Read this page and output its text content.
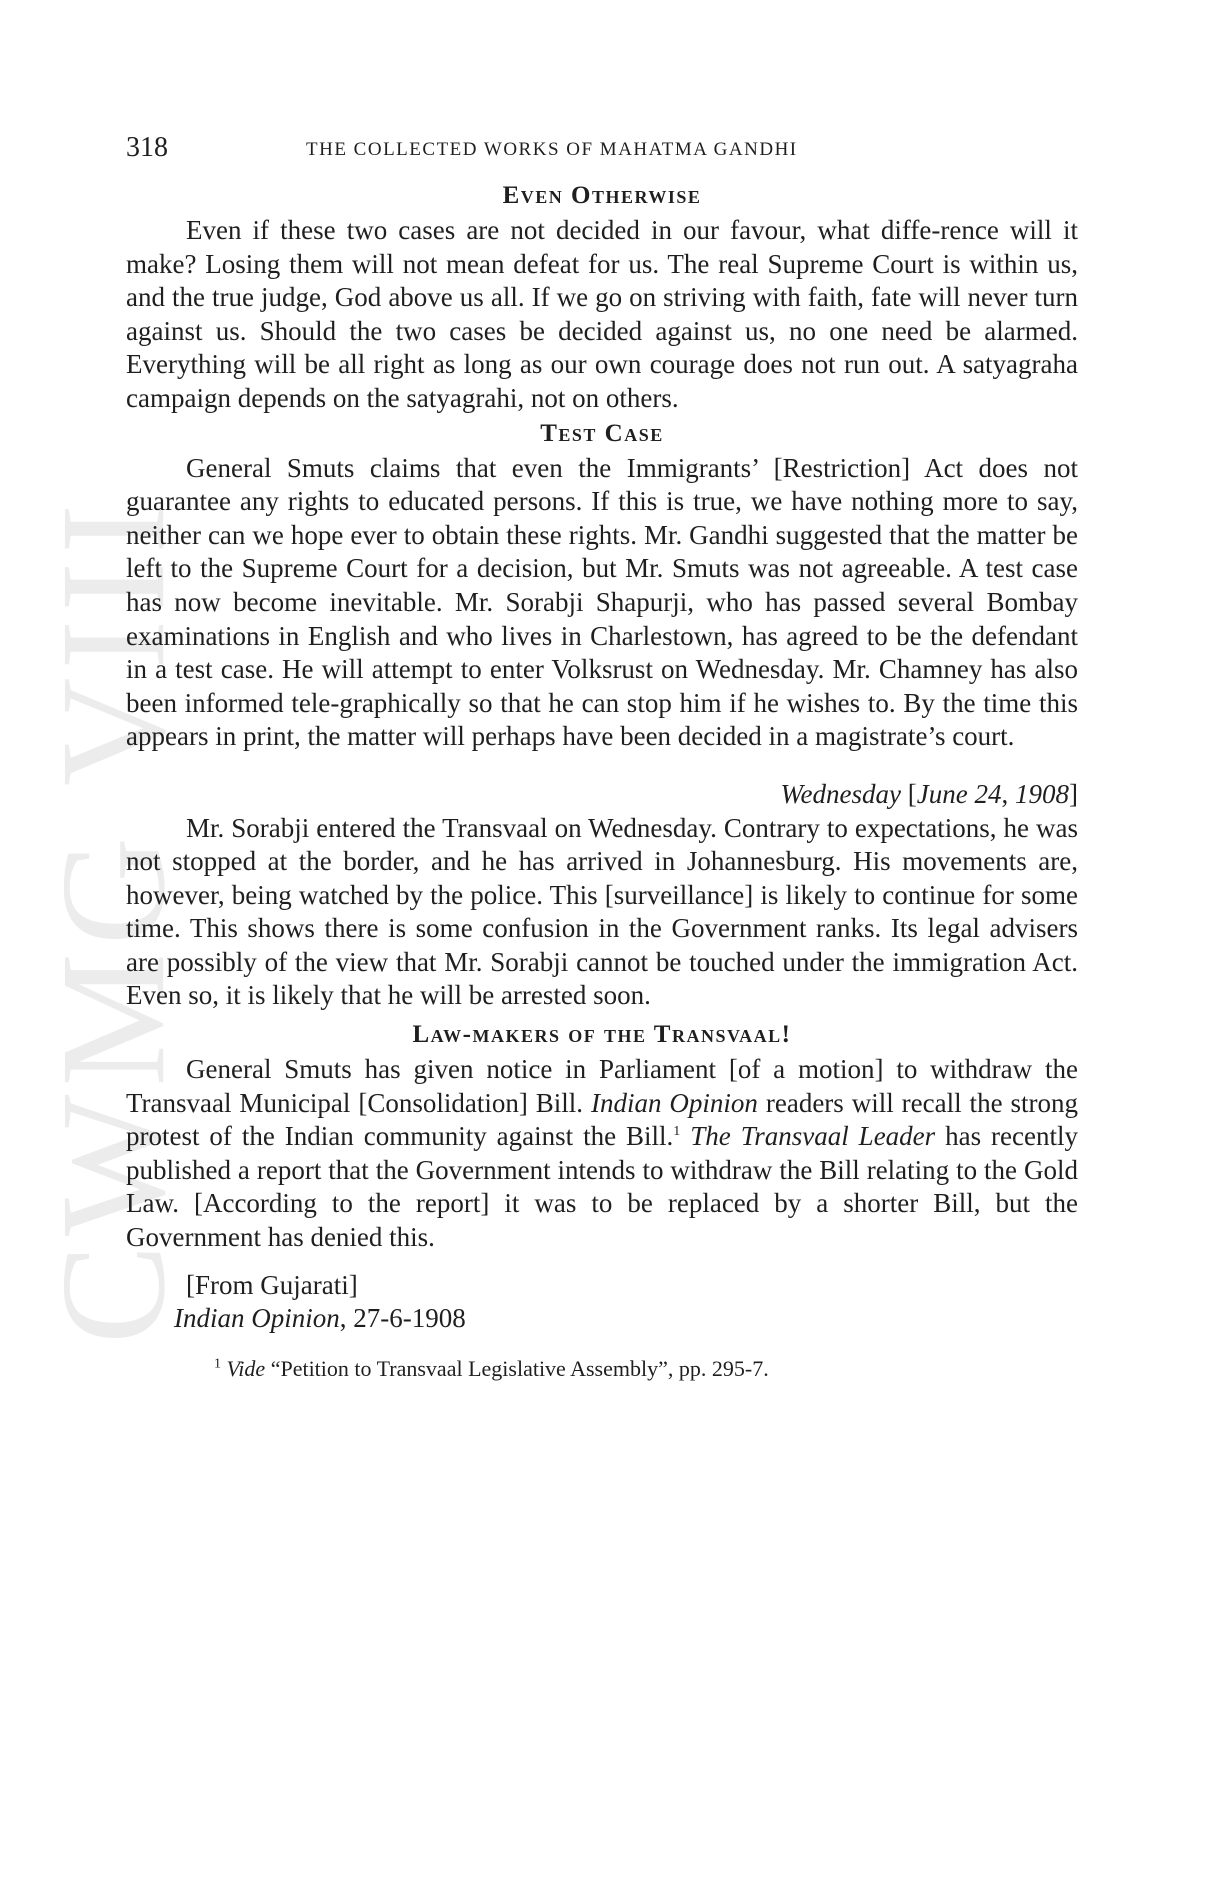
CWMG VIII
318	THE COLLECTED WORKS OF MAHATMA GANDHI
Even Otherwise

Even if these two cases are not decided in our favour, what diffe-rence will it make? Losing them will not mean defeat for us. The real Supreme Court is within us, and the true judge, God above us all. If we go on striving with faith, fate will never turn against us. Should the two cases be decided against us, no one need be alarmed. Everything will be all right as long as our own courage does not run out. A satyagraha campaign depends on the satyagrahi, not on others.

Test Case

General Smuts claims that even the Immigrants’ [Restriction] Act does not guarantee any rights to educated persons. If this is true, we have nothing more to say, neither can we hope ever to obtain these rights. Mr. Gandhi suggested that the matter be left to the Supreme Court for a decision, but Mr. Smuts was not agreeable. A test case has now become inevitable. Mr. Sorabji Shapurji, who has passed several Bombay examinations in English and who lives in Charlestown, has agreed to be the defendant in a test case. He will attempt to enter Volksrust on Wednesday. Mr. Chamney has also been informed tele-graphically so that he can stop him if he wishes to. By the time this appears in print, the matter will perhaps have been decided in a magistrate’s court.

Wednesday [June 24, 1908]

Mr. Sorabji entered the Transvaal on Wednesday. Contrary to expectations, he was not stopped at the border, and he has arrived in Johannesburg. His movements are, however, being watched by the police. This [surveillance] is likely to continue for some time. This shows there is some confusion in the Government ranks. Its legal advisers are possibly of the view that Mr. Sorabji cannot be touched under the immigration Act. Even so, it is likely that he will be arrested soon.

Law-makers of the Transvaal!

General Smuts has given notice in Parliament [of a motion] to withdraw the Transvaal Municipal [Consolidation] Bill. Indian Opinion readers will recall the strong protest of the Indian community against the Bill.$^1$ The Transvaal Leader has recently published a report that the Government intends to withdraw the Bill relating to the Gold Law. [According to the report] it was to be replaced by a shorter Bill, but the Government has denied this.

[From Gujarati]

Indian Opinion, 27-6-1908

$^1$ Vide “Petition to Transvaal Legislative Assembly”, pp. 295-7.
